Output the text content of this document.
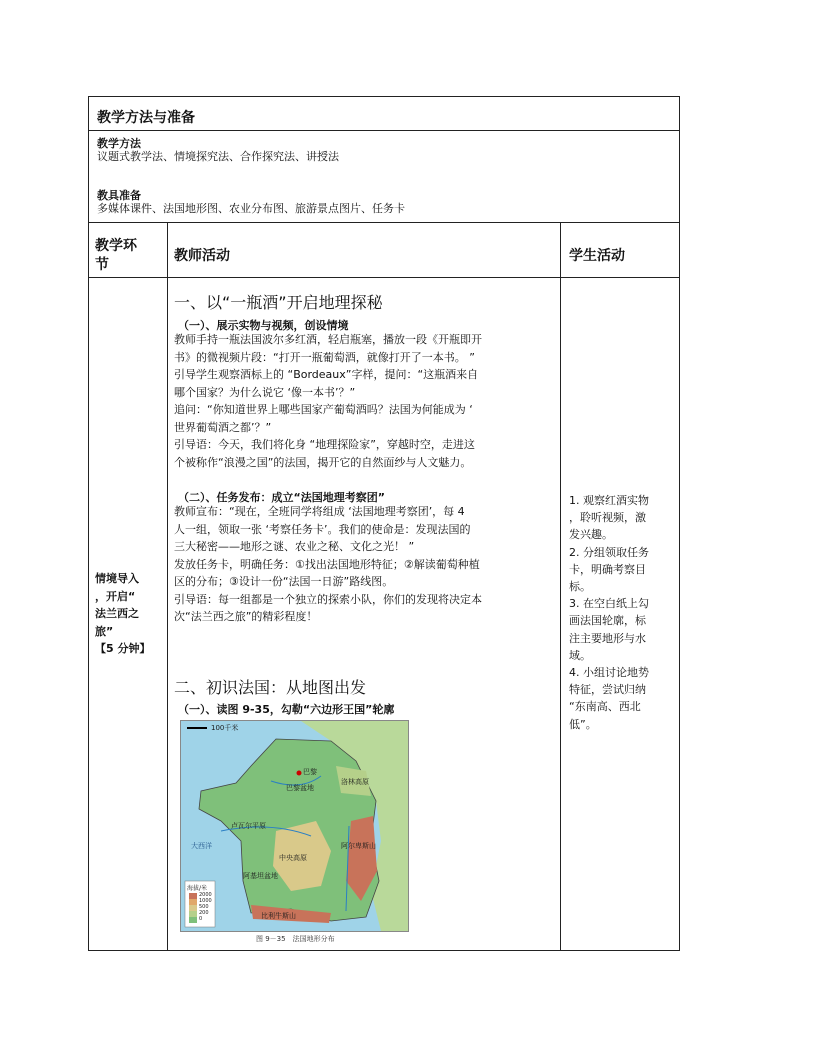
教学方法与准备
教学方法
议题式教学法、情境探究法、合作探究法、讲授法
教具准备
多媒体课件、法国地形图、农业分布图、旅游景点图片、任务卡
教学环
节
教师活动	学生活动
情境导入
，开启“
法兰西之
旅”
【5 分钟】
一、以“一瓶酒”开启地理探秘
（一）、展示实物与视频，创设情境
教师手持一瓶法国波尔多红酒，轻启瓶塞，播放一段《开瓶即开
书》的微视频片段：“打开一瓶葡萄酒，就像打开了一本书。 ”
引导学生观察酒标上的 “Bordeaux”字样，提问：“这瓶酒来自
哪个国家？为什么说它 ‘像一本书’？”
追问：“你知道世界上哪些国家产葡萄酒吗？法国为何能成为 ‘
世界葡萄酒之都’？”
引导语：今天，我们将化身 “地理探险家”，穿越时空，走进这
个被称作“浪漫之国”的法国，揭开它的自然面纱与人文魅力。
（二）、任务发布：成立“法国地理考察团”
教师宣布：“现在，全班同学将组成 ‘法国地理考察团’，每 4
人一组，领取一张 ‘考察任务卡’。我们的使命是：发现法国的
三大秘密——地形之谜、农业之秘、文化之光！ ”
发放任务卡，明确任务：①找出法国地形特征；②解读葡萄种植
区的分布；③设计一份“法国一日游”路线图。
引导语：每一组都是一个独立的探索小队，你们的发现将决定本
次“法兰西之旅”的精彩程度！
二、初识法国：从地图出发
（一）、读图 9-35，勾勒“六边形王国”轮廓
100千米
巴黎
巴黎盆地
卢瓦尔平原
中央高原
阿基坦盆地
阿尔卑斯山
比利牛斯山
洛林高原
大西洋
海拔/米
2000
1000
500
200
0
图 9－35　法国地形分布
1. 观察红酒实物
，聆听视频，激
发兴趣。
2. 分组领取任务
卡，明确考察目
标。
3. 在空白纸上勾
画法国轮廓，标
注主要地形与水
域。
4. 小组讨论地势
特征，尝试归纳
“东南高、西北
低”。
